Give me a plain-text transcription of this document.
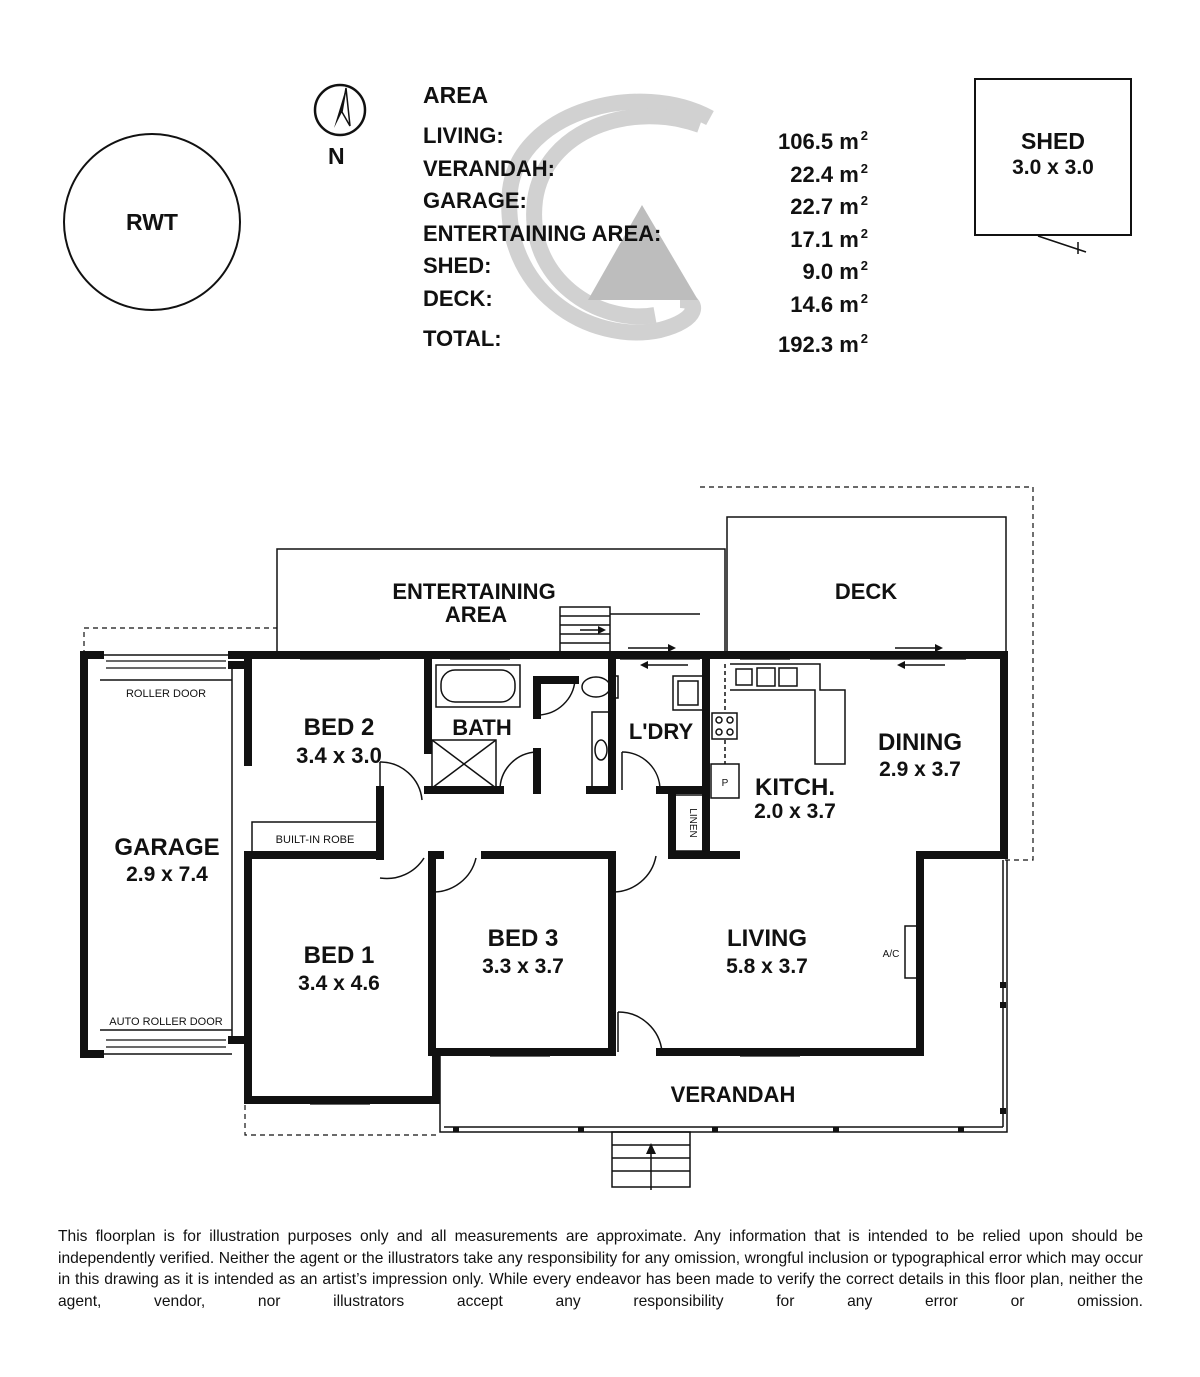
RWT
N
AREA
LIVING:	106.5 m $^2$
VERANDAH:	22.4 m $^2$
GARAGE:	22.7 m $^2$
ENTERTAINING AREA:	17.1 m $^2$
SHED:	9.0 m $^2$
DECK:	14.6 m $^2$
TOTAL:	192.3 m $^2$
SHED
3.0 x 3.0
ENTERTAINING
AREA
DECK
BED 2
3.4 x 3.0
BATH	L'DRY
KITCH.
2.0 x 3.7
DINING
2.9 x 3.7
GARAGE
2.9 x 7.4
BED 1
3.4 x 4.6
BED 3
3.3 x 3.7
LIVING
5.8 x 3.7
VERANDAH
ROLLER DOOR
AUTO ROLLER DOOR
BUILT-IN ROBE
LINEN
A/C
P
This floorplan is for illustration purposes only and all measurements are approximate. Any information that is intended to be relied upon should be independently verified. Neither the agent or the illustrators take any responsibility for any omission, wrongful inclusion or typographical error which may occur in this drawing as it is intended as an artist’s impression only. While every endeavor has been made to verify the correct details in this floor plan, neither the agent, vendor, nor illustrators accept any responsibility for any error or omission.
